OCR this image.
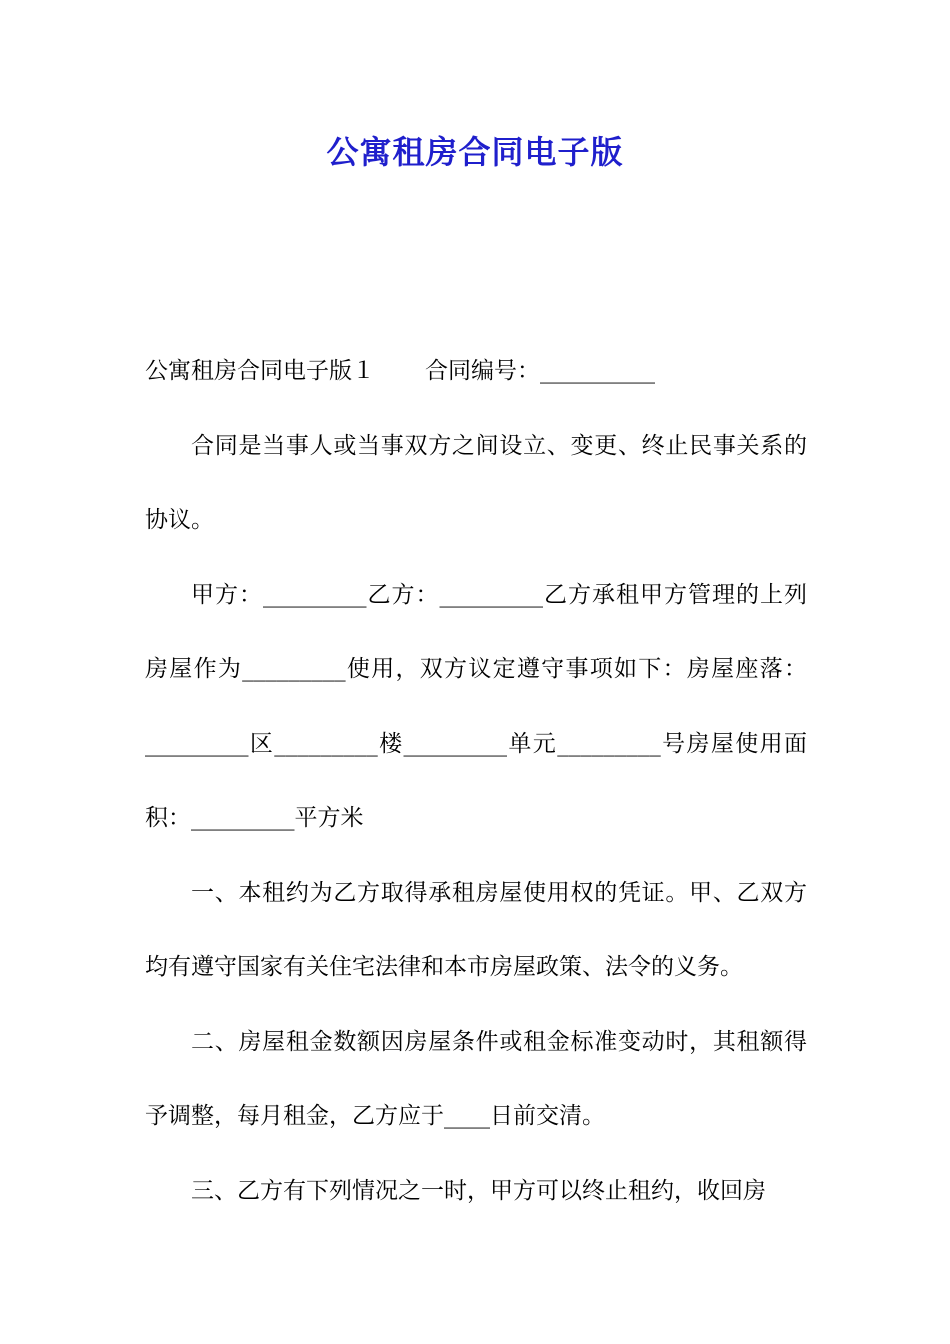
公寓租房合同电子版

公寓租房合同电子版１ 合同编号：__________

合同是当事人或当事双方之间设立、变更、终止民事关系的协议。

甲方：_________乙方：_________乙方承租甲方管理的上列房屋作为_________使用，双方议定遵守事项如下：房屋座落：_________区_________楼_________单元_________号房屋使用面积：_________平方米

一、本租约为乙方取得承租房屋使用权的凭证。甲、乙双方均有遵守国家有关住宅法律和本市房屋政策、法令的义务。

二、房屋租金数额因房屋条件或租金标准变动时，其租额得予调整，每月租金，乙方应于____日前交清。

三、乙方有下列情况之一时，甲方可以终止租约，收回房
